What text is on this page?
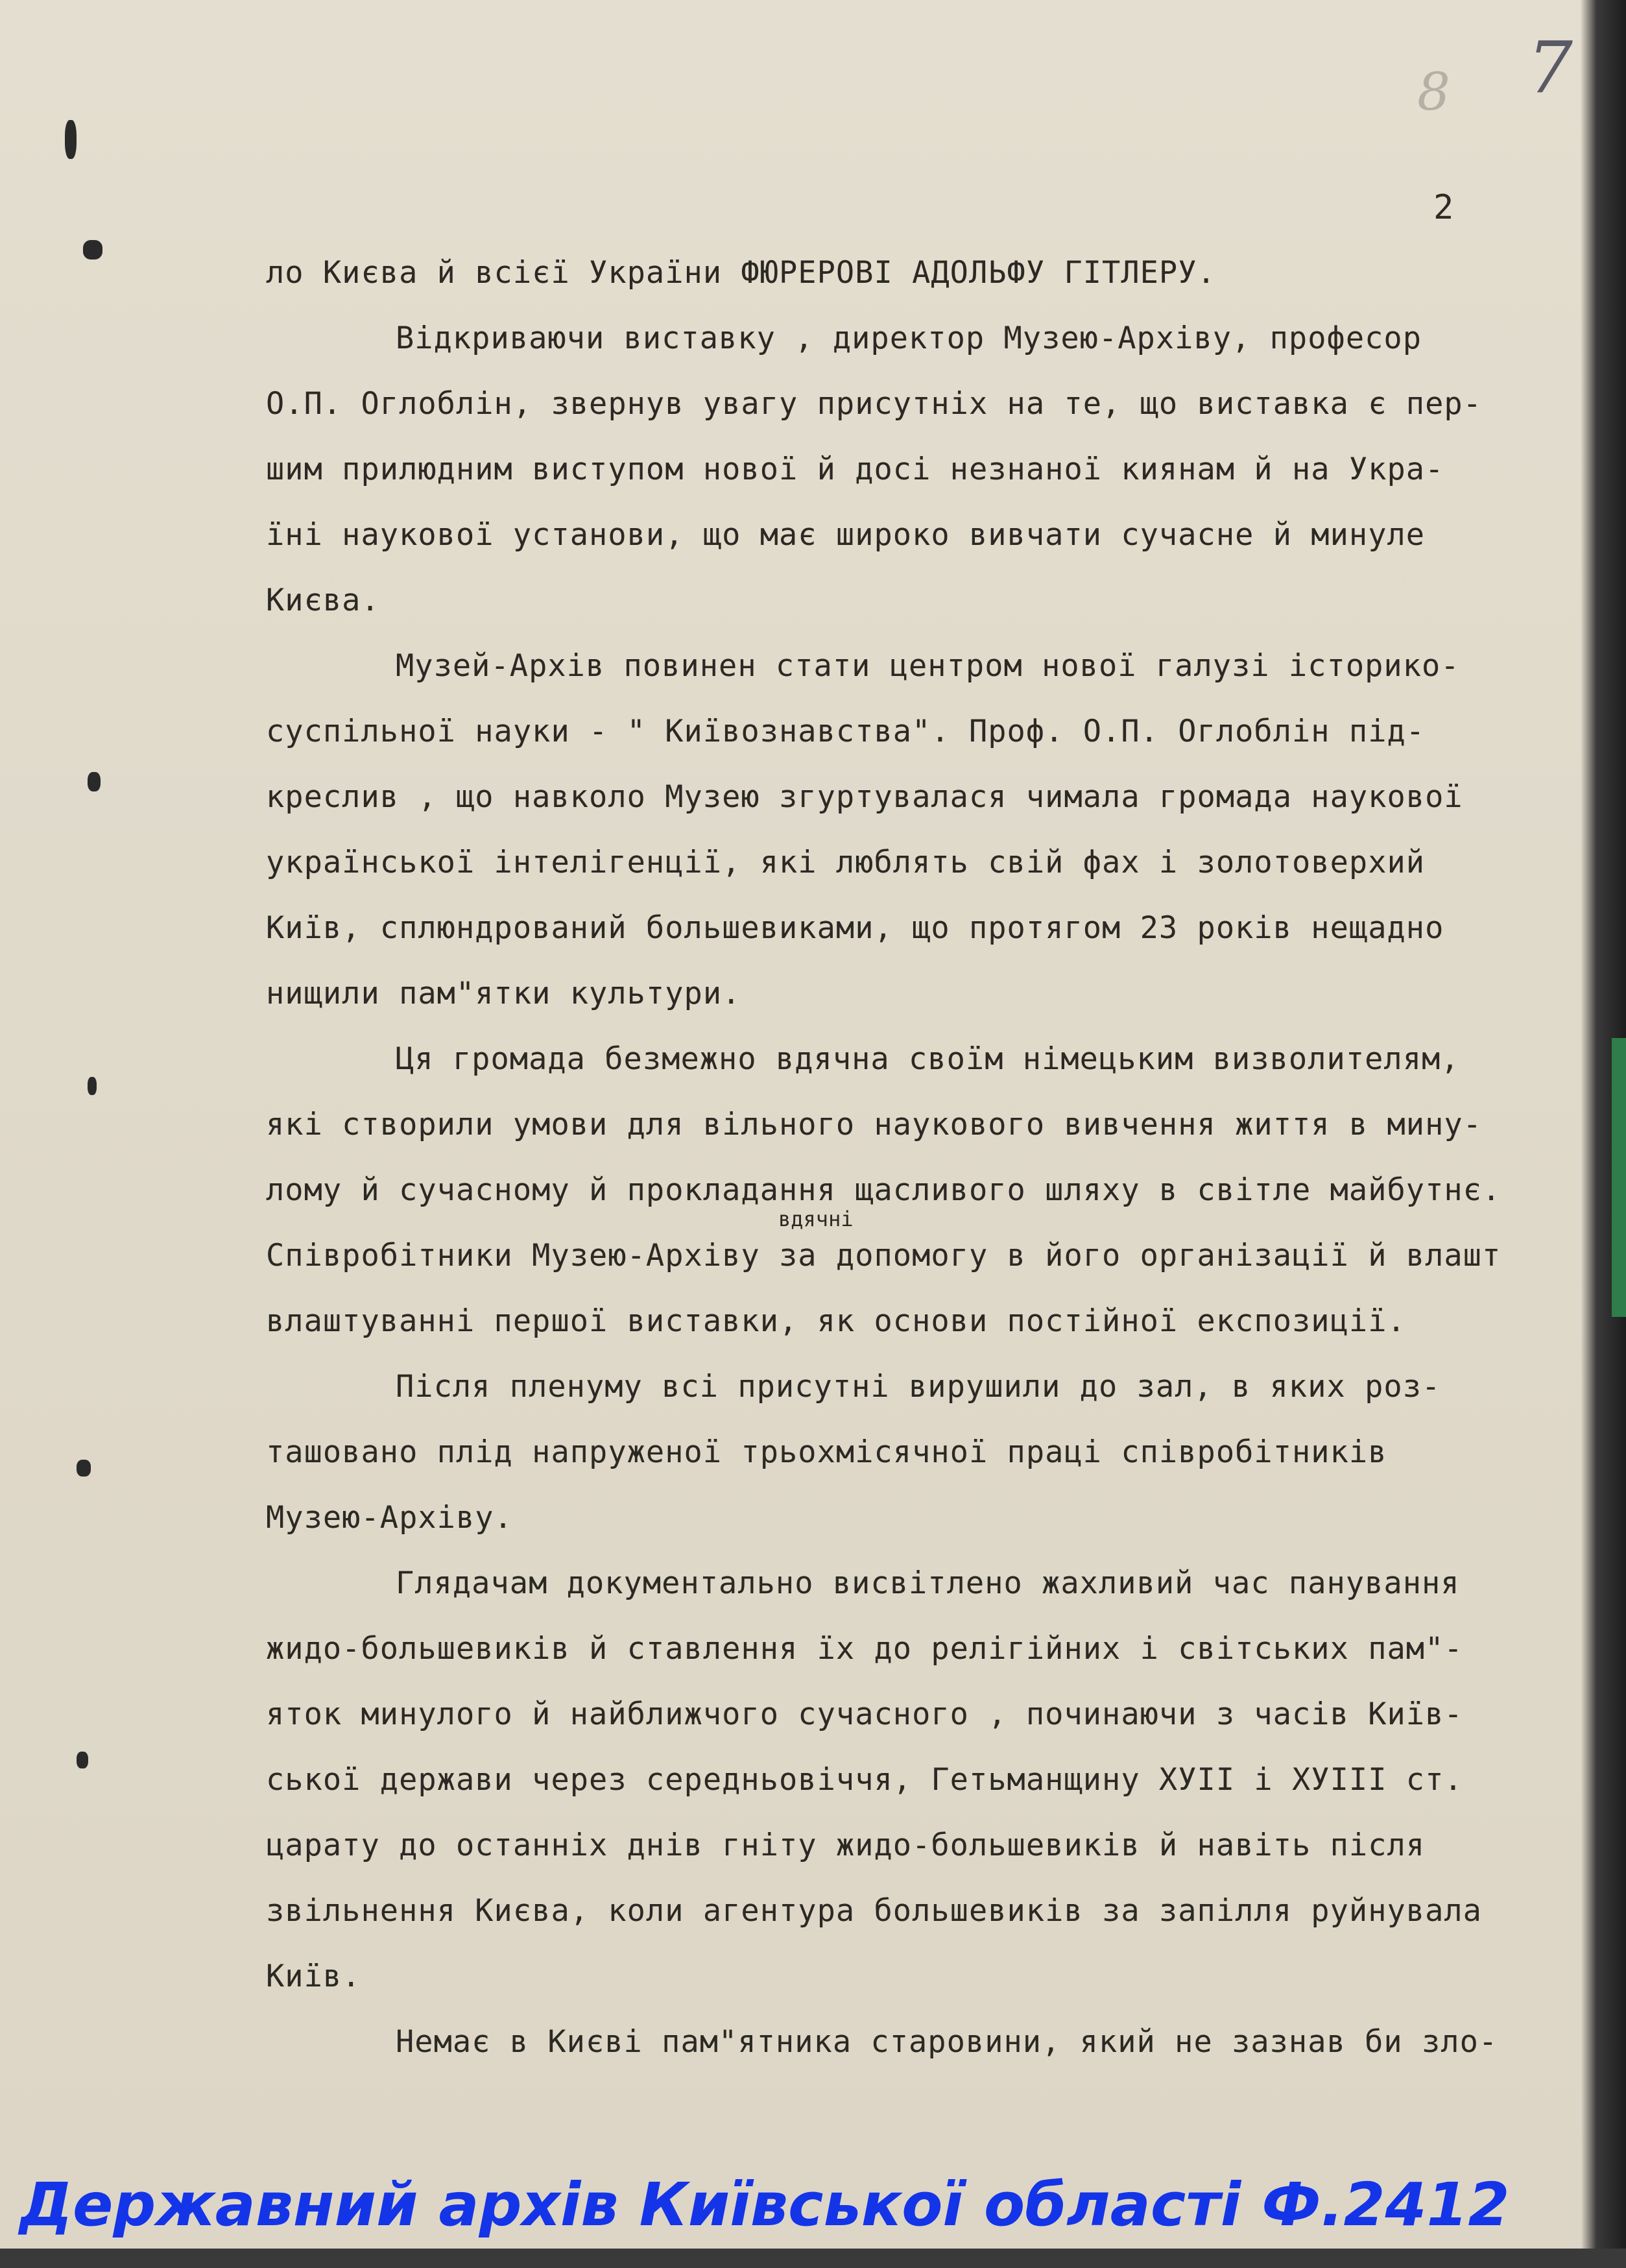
7
8
2

ло Києва й всієї України ФЮРЕРОВІ АДОЛЬФУ ГІТЛЕРУ.

Відкриваючи виставку , директор Музею-Архіву, професор

О.П. Оглоблін, звернув увагу присутніх на те, що виставка є пер-

шим прилюдним виступом нової й досі незнаної киянам й на Укра-

їні наукової установи, що має широко вивчати сучасне й минуле

Києва.

Музей-Архів повинен стати центром нової галузі історико-

суспільної науки - " Київознавства". Проф. О.П. Оглоблін під-

креслив , що навколо Музею згуртувалася чимала громада наукової

української інтелігенції, які люблять свій фах і золотоверхий

Київ, сплюндрований большевиками, що протягом 23 років нещадно

нищили пам"ятки культури.

Ця громада безмежно вдячна своїм німецьким визволителям,

які створили умови для вільного наукового вивчення життя в мину-

лому й сучасному й прокладання щасливого шляху в світле майбутнє.

Співробітники Музею-Архіву за допомогу в його організації й влашт

влаштуванні першої виставки, як основи постійної експозиції.

Після пленуму всі присутні вирушили до зал, в яких роз-

ташовано плід напруженої трьохмісячної праці співробітників

Музею-Архіву.

Глядачам документально висвітлено жахливий час панування

жидо-большевиків й ставлення їх до релігійних і світських пам"-

яток минулого й найближчого сучасного , починаючи з часів Київ-

ської держави через середньовіччя, Гетьманщину ХУІІ і ХУІІІ ст.

царату до останніх днів гніту жидо-большевиків й навіть після

звільнення Києва, коли агентура большевиків за запілля руйнувала

Київ.

Немає в Києві пам"ятника старовини, який не зазнав би зло-

вдячні
Державний архів Київської області Ф.2412
